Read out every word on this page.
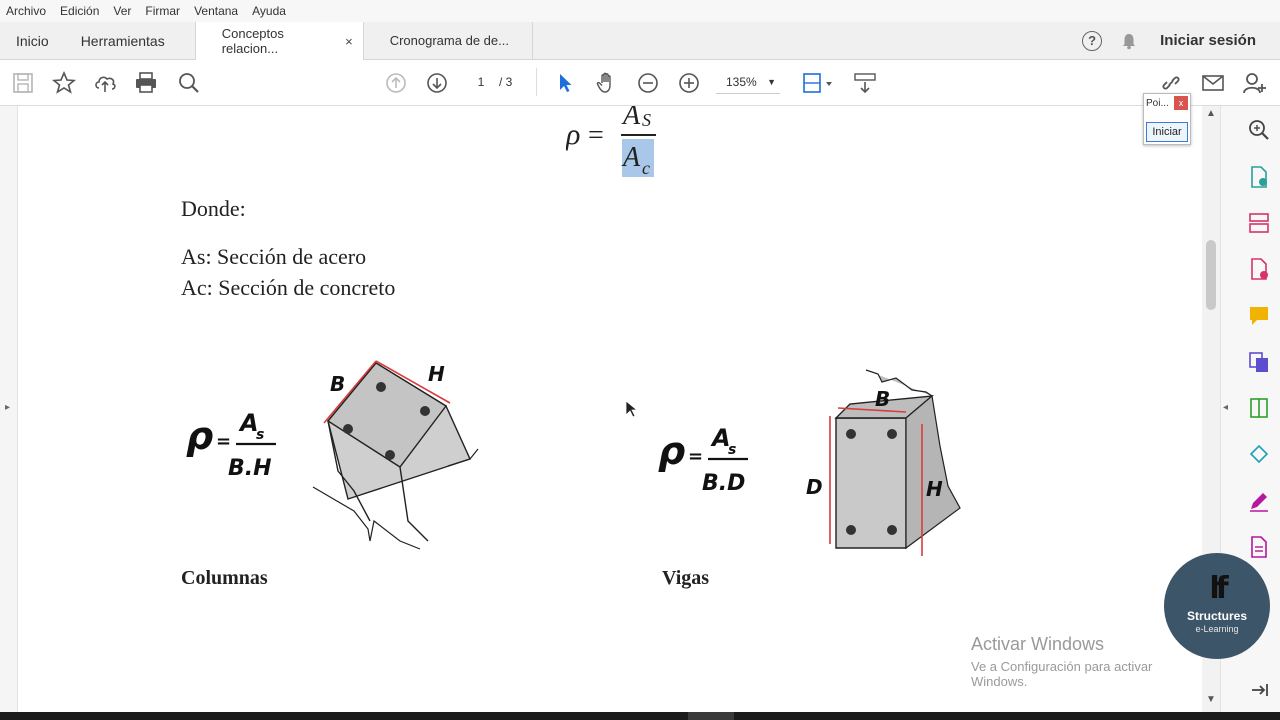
Archivo Edición Ver Firmar Ventana Ayuda
Inicio	Herramientas	Conceptos relacion...	×	Cronograma de de...	?	Iniciar sesión
1	/ 3	135% ▼
▸
ρ =
A S
A c
Donde:
As: Sección de acero
Ac: Sección de concreto
ρ =
A
s
B.H
B	H
Columnas
ρ =
A
s
B.D
B
D	H
Vigas
Activar Windows
Ve a Configuración para activar Windows.
▲
▼
◂
Poi...	x
Iniciar
lf
Structures
e-Learning
